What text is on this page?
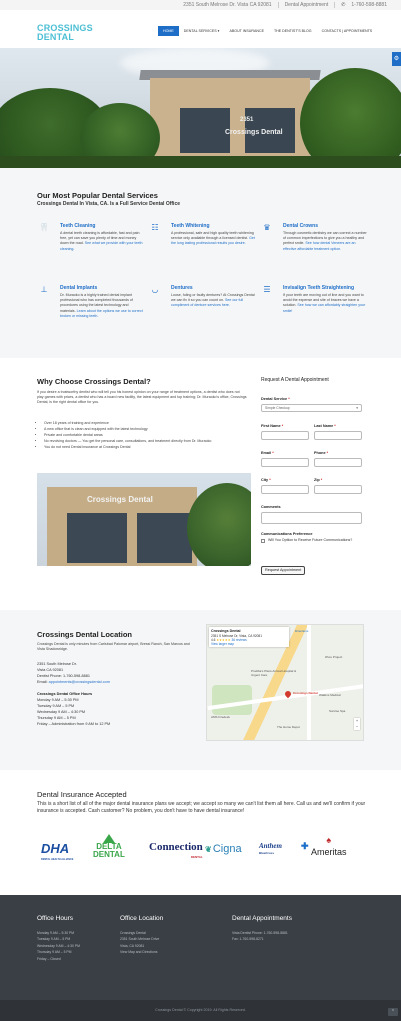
2351 South Melrose Dr. Vista CA 92081	Dental Appointment	✆ 1-760-598-8881
CROSSINGS
DENTAL
HOME	DENTAL SERVICES ▾	ABOUT INSURANCE	THE DENTIST'S BLOG	CONTACTS | APPOINTMENTS
Crossings Dental
2351
⚙
Our Most Popular Dental Services
Crossings Dental In Vista, CA. Is a Full Service Dental Office
🦷	Teeth Cleaning
A dental teeth cleaning is affordable, fast and pain free, yet can save you plenty of time and money down the road. See what we provide with your teeth cleaning.
☷	Teeth Whitening
A professional, safe and high quality teeth whitening service only available through a licensed dentist. Get the long lasting professional results you desire.
♛	Dental Crowns
Through cosmetic dentistry we can correct a number of common imperfections to give you a healthy and perfect smile. See how dental Veneers are an effective affordable treatment option.
⊥	Dental Implants
Dr. Muraoko is a highly trained dental implant professional who has completed thousands of procedures using the latest technology and materials. Learn about the options we use to correct broken or missing teeth.
◡	Dentures
Loose, fuling or faulty dentures? At Crossings Dental we can fix it so you can count on. See our full compliment of denture services here.
☰	Invisalign Teeth Straightening
If your teeth are moving out of line and you want to avoid the expense and site of braces we have a solution. See how we can affordably straighten your smile!
Why Choose Crossings Dental?
If you desire a trustworthy dentist who will tell you his honest opinion on your range of treatment options, a dentist who does not play games with prices, a dentist who has a board new facility, the latest equipment and top training; Dr. Muraoko's office, Crossings Dental, is the right dental office for you.
• Over 18 years of training and experience
• A new office that is clean and equipped with the latest technology
• Private and comfortable dental areas
• No revolving doctors — You get the personal care, consultations, and treatment directly from Dr. Muraoko
• You do not need Dental insurance at Crossings Dental
Crossings Dental
Request A Dental Appointment
Dental Service *
Simple Checkup	▾
First Name *	Last Name *
Email *	Phone *
City *	Zip *
Comments
Communications Preference
Will You Optiion to Receive Future Communications?
Request Appointment
Crossings Dental Location
Crossings Dental is only minutes from Carlsbad Palomar airport, Bressi Ranch, San Marcos and Vista Shadowridge.
2351 South Melrose Dr.
Vista CA 92081
Dentist Phone: 1-760-598-8881
Email: appointments@crossingsdental.com
Crossings Dental Office Hours
Monday 9 AM – 5:30 PM
Tuesday 9 AM – 5 PM
Wednesday 9 AM – 4:30 PM
Thursday 9 AM – 5 PM
Friday – Administration from 9 AM to 12 PM
Crossings Dental
2351 S Melrose Dr, Vista, CA 92081
4.6 ★★★★★ 36 reviews
View larger map
Directions
Crossings Dental
Prodiba's Plans Animal Hospital & Urgent Care
iPure Project
AMS Firedesk
Walkins Medical
Sunrise Spa
The Home Depot
+
−
Dental Insurance Accepted
This is a short list of all of the major dental insurance plans we accept; we accept so many we can't list them all here. Call us and we'll confirm if your insurance is accepted. Cash customer? No problem, you don't have to have dental insurance!
DHA
DENTAL HEALTH ALLIANCE
DELTA
DENTAL
Connection
DENTAL
❦ Cigna Anthem
BlueCross
✚
♠
Ameritas
Office Hours
Monday 9 AM – 5:30 PM
Tuesday 9 AM – 5 PM
Wednesday 9 AM – 4:30 PM
Thursday 9 AM – 5 PM
Friday – Closed
Office Location
Crossings Dental
2351 South Melrose Drive
Vista, CA 92081
View Map and Directions
Dental Appointments
Vista Dentist Phone: 1-760-598-8881
Fax: 1-760-598-8271
Crossings Dental © Copyright 2019. All Rights Reserved.	⌃
